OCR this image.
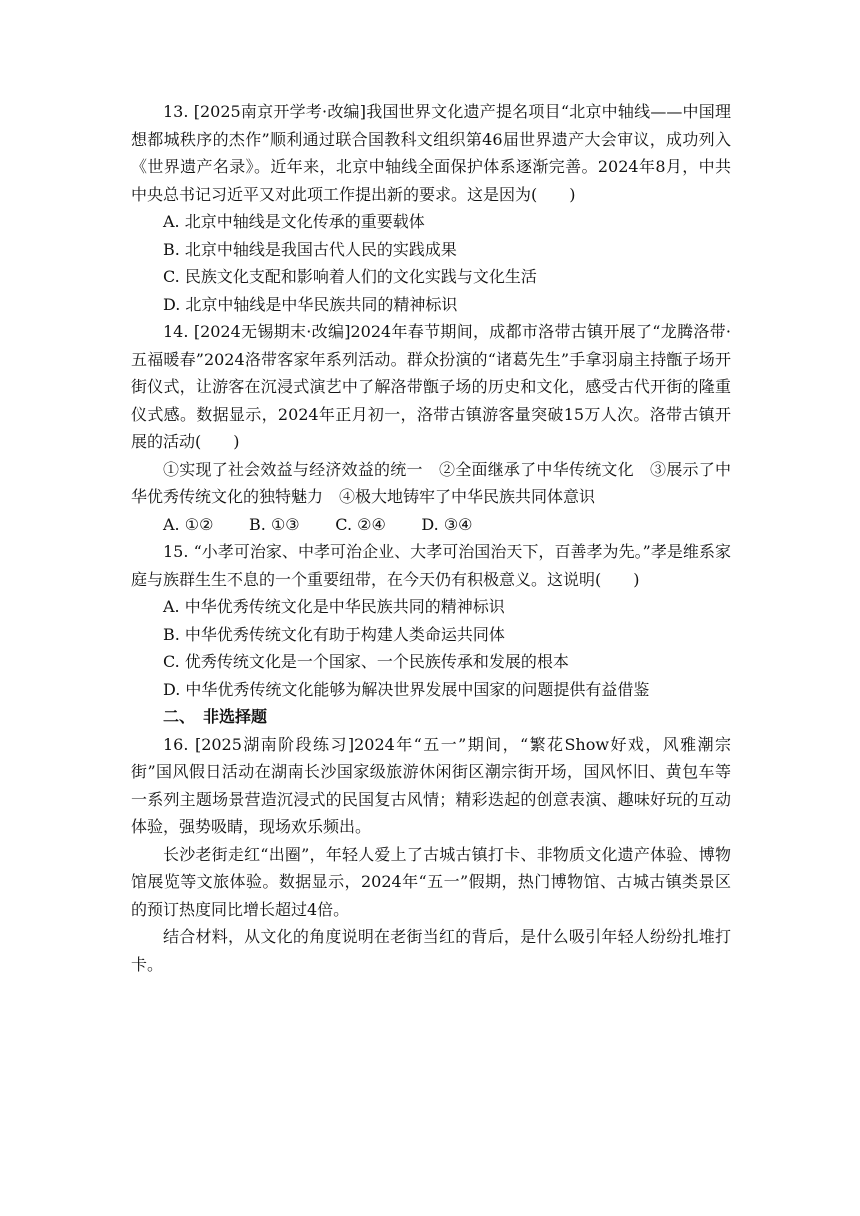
13. [2025南京开学考·改编]我国世界文化遗产提名项目“北京中轴线——中国理想都城秩序的杰作”顺利通过联合国教科文组织第46届世界遗产大会审议，成功列入《世界遗产名录》。近年来，北京中轴线全面保护体系逐渐完善。2024年8月，中共中央总书记习近平又对此项工作提出新的要求。这是因为(　　)

A. 北京中轴线是文化传承的重要载体

B. 北京中轴线是我国古代人民的实践成果

C. 民族文化支配和影响着人们的文化实践与文化生活

D. 北京中轴线是中华民族共同的精神标识

14. [2024无锡期末·改编]2024年春节期间，成都市洛带古镇开展了“龙腾洛带·五福暖春”2024洛带客家年系列活动。群众扮演的“诸葛先生”手拿羽扇主持甑子场开街仪式，让游客在沉浸式演艺中了解洛带甑子场的历史和文化，感受古代开街的隆重仪式感。数据显示，2024年正月初一，洛带古镇游客量突破15万人次。洛带古镇开展的活动(　　)

①实现了社会效益与经济效益的统一　②全面继承了中华传统文化　③展示了中华优秀传统文化的独特魅力　④极大地铸牢了中华民族共同体意识

A. ①② B. ①③ C. ②④ D. ③④

15. “小孝可治家、中孝可治企业、大孝可治国治天下，百善孝为先。”孝是维系家庭与族群生生不息的一个重要纽带，在今天仍有积极意义。这说明(　　)

A. 中华优秀传统文化是中华民族共同的精神标识

B. 中华优秀传统文化有助于构建人类命运共同体

C. 优秀传统文化是一个国家、一个民族传承和发展的根本

D. 中华优秀传统文化能够为解决世界发展中国家的问题提供有益借鉴

二、　非选择题

16. [2025湖南阶段练习]2024年“五一”期间，“繁花Show好戏，风雅潮宗街”国风假日活动在湖南长沙国家级旅游休闲街区潮宗街开场，国风怀旧、黄包车等一系列主题场景营造沉浸式的民国复古风情；精彩迭起的创意表演、趣味好玩的互动体验，强势吸睛，现场欢乐频出。

长沙老街走红“出圈”，年轻人爱上了古城古镇打卡、非物质文化遗产体验、博物馆展览等文旅体验。数据显示，2024年“五一”假期，热门博物馆、古城古镇类景区的预订热度同比增长超过4倍。

结合材料，从文化的角度说明在老街当红的背后，是什么吸引年轻人纷纷扎堆打卡。
